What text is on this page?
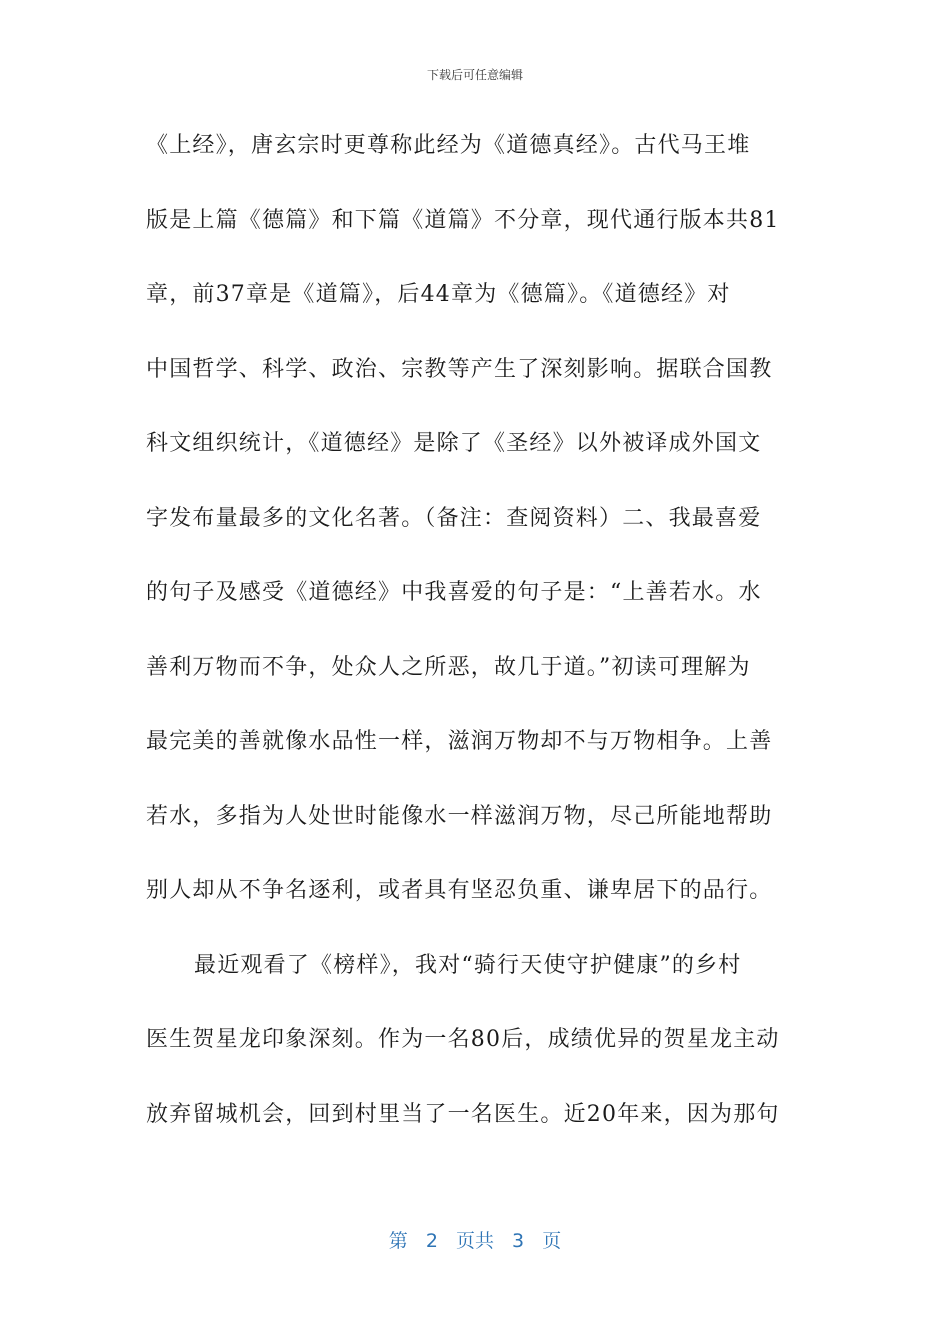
下载后可任意编辑
《上经》，唐玄宗时更尊称此经为《道德真经》。古代马王堆
版是上篇《德篇》和下篇《道篇》不分章，现代通行版本共81
章，前37章是《道篇》，后44章为《德篇》。《道德经》对
中国哲学、科学、政治、宗教等产生了深刻影响。据联合国教
科文组织统计，《道德经》是除了《圣经》以外被译成外国文
字发布量最多的文化名著。（备注：查阅资料）二、我最喜爱
的句子及感受《道德经》中我喜爱的句子是：“上善若水。水
善利万物而不争，处众人之所恶，故几于道。”初读可理解为
最完美的善就像水品性一样，滋润万物却不与万物相争。上善
若水，多指为人处世时能像水一样滋润万物，尽己所能地帮助
别人却从不争名逐利，或者具有坚忍负重、谦卑居下的品行。
最近观看了《榜样》，我对“骑行天使守护健康”的乡村
医生贺星龙印象深刻。作为一名80后，成绩优异的贺星龙主动
放弃留城机会，回到村里当了一名医生。近20年来，因为那句
第 2 页共 3 页
